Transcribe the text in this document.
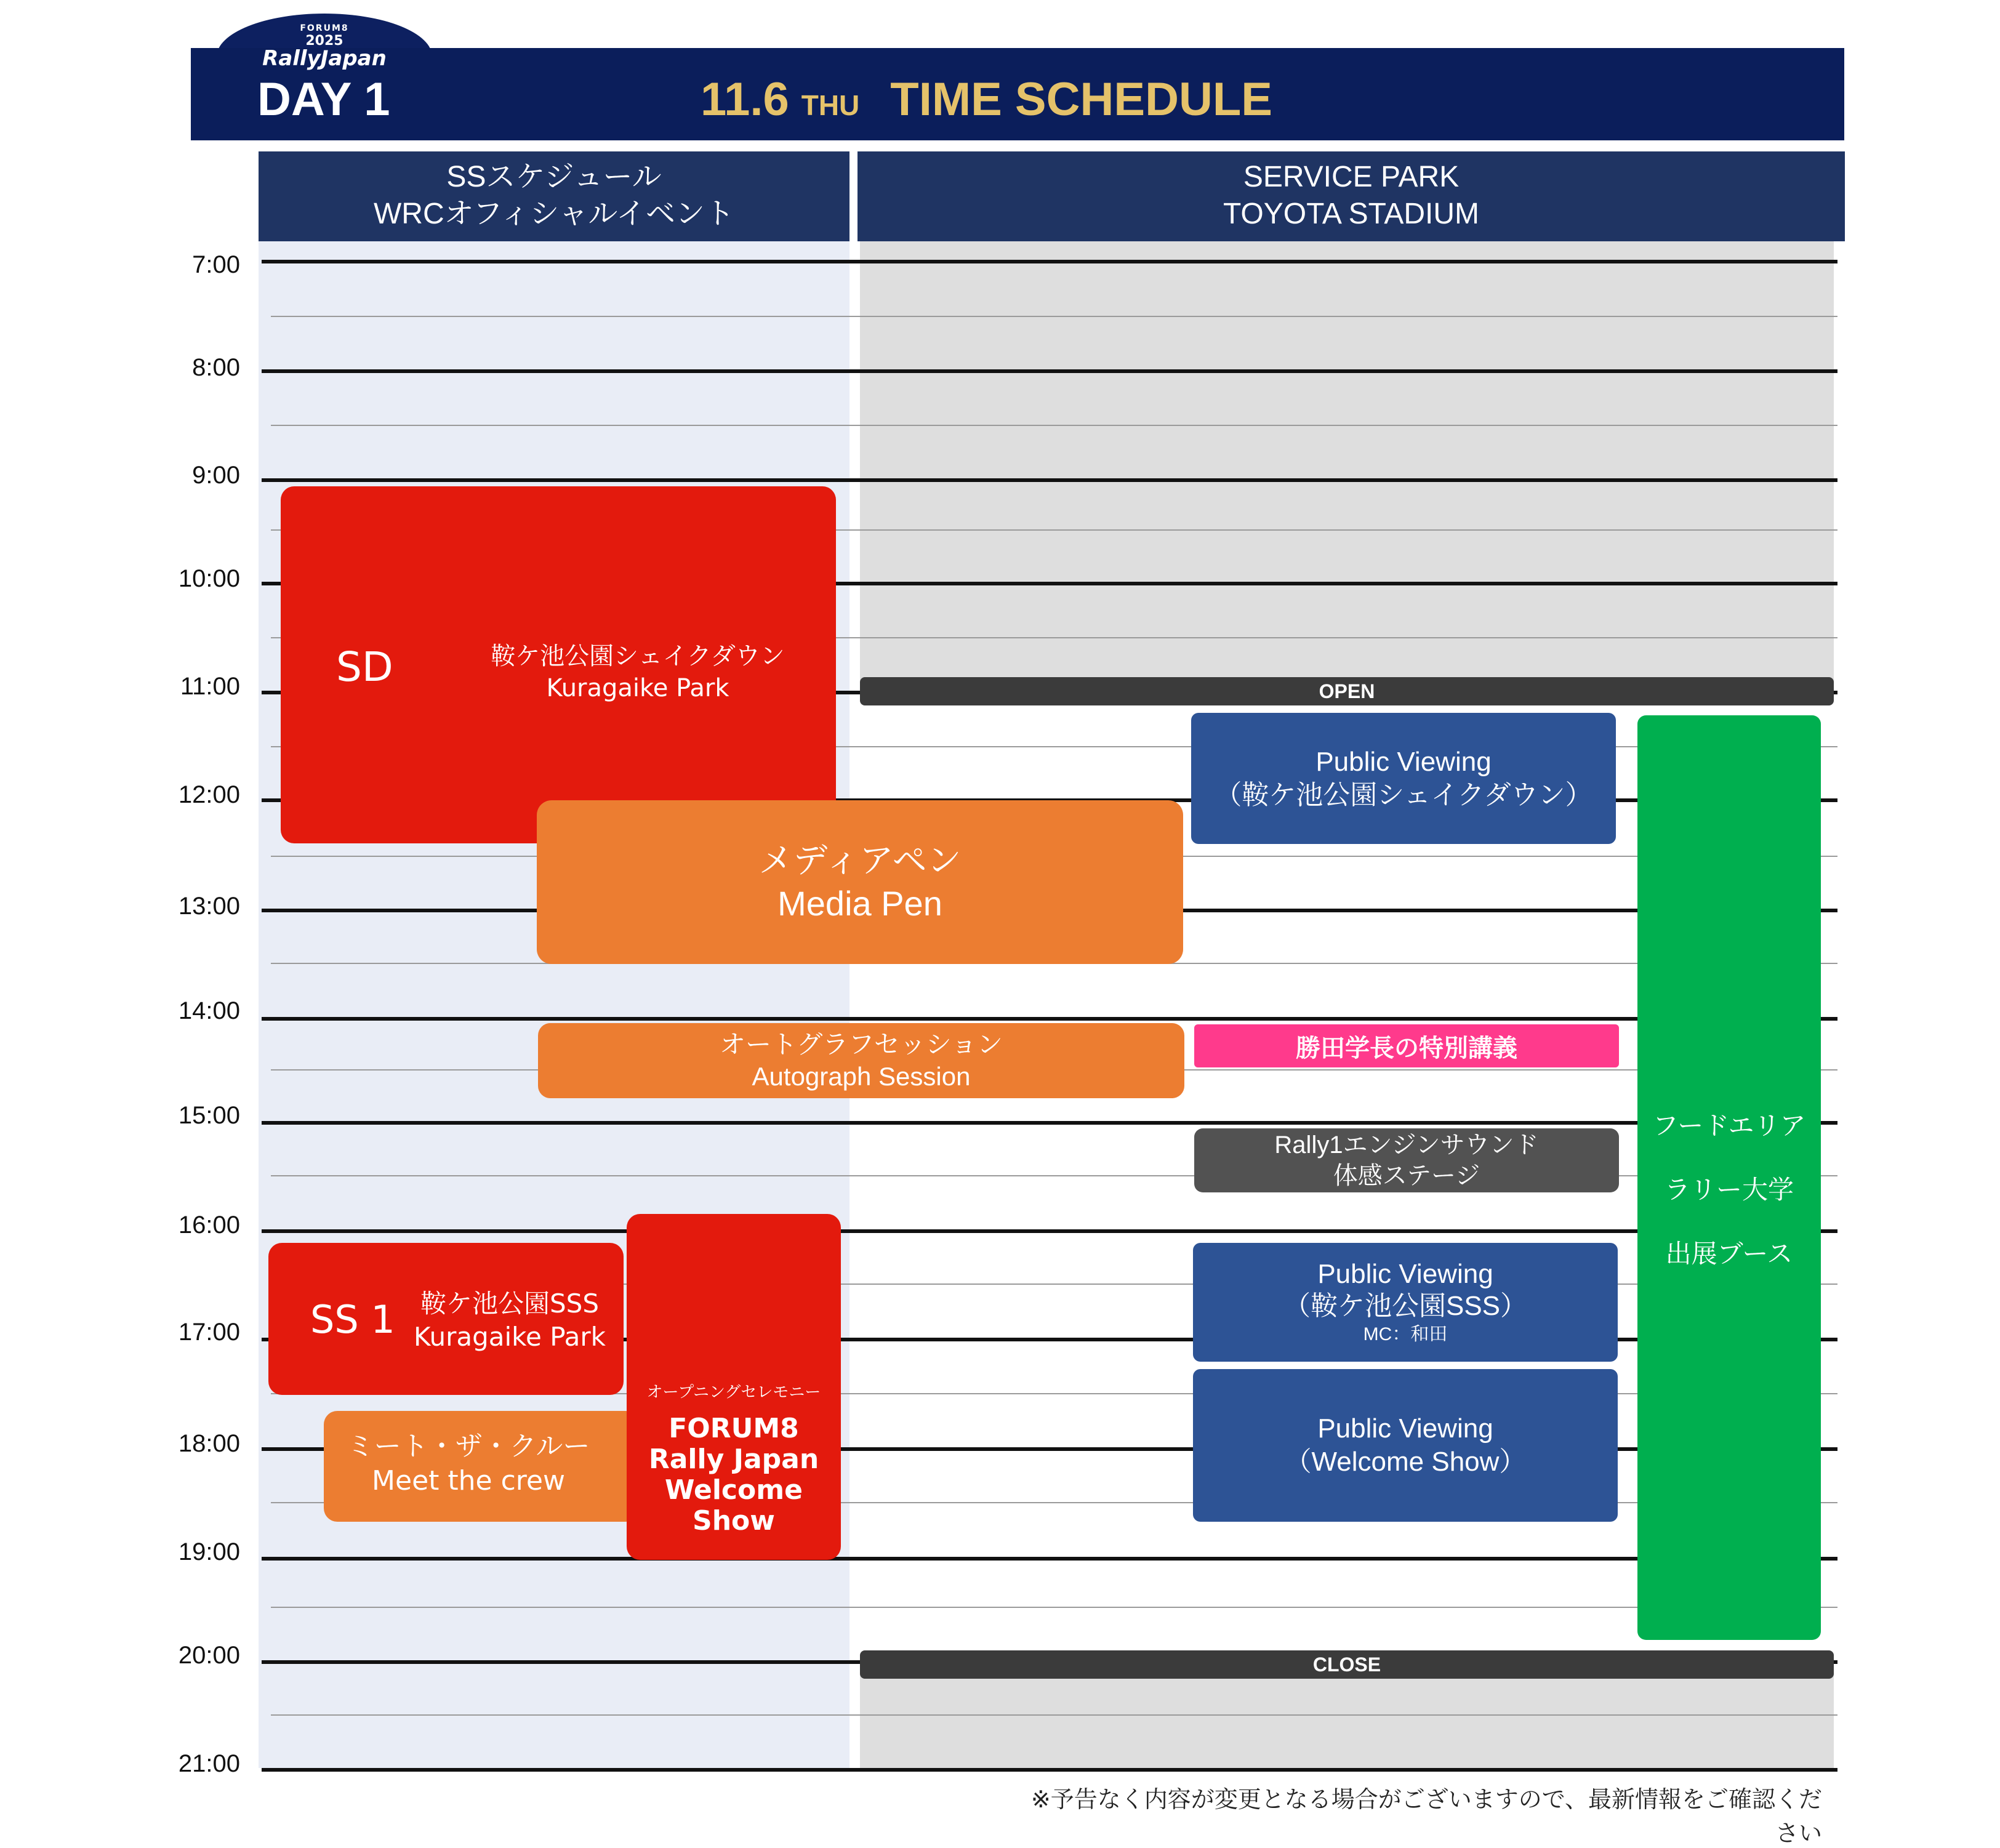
FORUM8
2025
RallyJapan
DAY 1	11.6 THU TIME SCHEDULE
SSスケジュール
WRCオフィシャルイベント
SERVICE PARK
TOYOTA STADIUM
7:00
8:00
9:00
10:00
11:00
12:00
13:00
14:00
15:00
16:00
17:00
18:00
19:00
20:00
21:00
SD	鞍ケ池公園シェイクダウン
Kuragaike Park	OPEN
Public Viewing
（鞍ケ池公園シェイクダウン）
フードエリア
ラリー大学
出展ブース
メディアペン
Media Pen
オートグラフセッション
Autograph Session
勝田学長の特別講義
Rally1エンジンサウンド
体感ステージ
SS 1 鞍ケ池公園SSS
Kuragaike Park
ミート・ザ・クルー
Meet the crew
オープニングセレモニー
FORUM8
Rally Japan
Welcome
Show
Public Viewing
（鞍ケ池公園SSS）
MC：和田
Public Viewing
（Welcome Show）
CLOSE
※予告なく内容が変更となる場合がございますので、最新情報をご確認ください
